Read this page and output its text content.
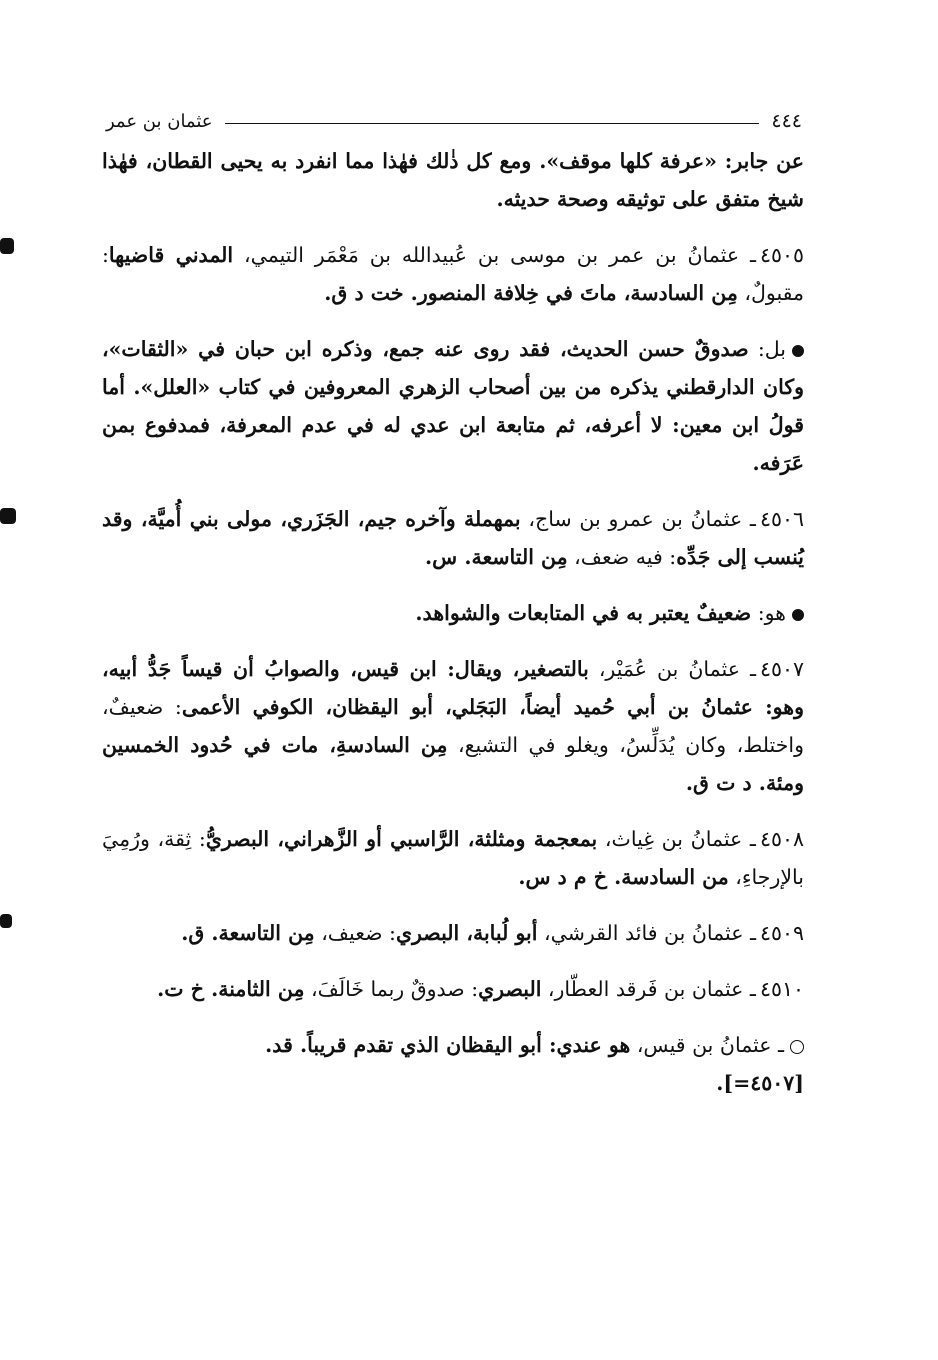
٤٤٤
عثمان بن عمر

عن جابر: «عرفة كلها موقف». ومع كل ذٰلك فهٰذا مما انفرد به يحيى القطان، فهٰذا شيخ متفق على توثيقه وصحة حديثه.

٤٥٠٥ـ عثمانُ بن عمر بن موسى بن عُبيدالله بن مَعْمَر التيمي، المدني قاضيها: مقبولٌ، مِن السادسة، ماتَ في خِلافة المنصور. خت د ق.

بل: صدوقٌ حسن الحديث، فقد روى عنه جمع، وذكره ابن حبان في «الثقات»، وكان الدارقطني يذكره من بين أصحاب الزهري المعروفين في كتاب «العلل». أما قولُ ابن معين: لا أعرفه، ثم متابعة ابن عدي له في عدم المعرفة، فمدفوع بمن عَرَفه.

٤٥٠٦ـ عثمانُ بن عمرو بن ساج، بمهملة وآخره جيم، الجَزَري، مولى بني أُميَّة، وقد يُنسب إلى جَدِّه: فيه ضعف، مِن التاسعة. س.

هو: ضعيفٌ يعتبر به في المتابعات والشواهد.

٤٥٠٧ـ عثمانُ بن عُمَيْر، بالتصغير، ويقال: ابن قيس، والصوابُ أن قيساً جَدُّ أبيه، وهو: عثمانُ بن أبي حُميد أيضاً، البَجَلي، أبو اليقظان، الكوفي الأعمى: ضعيفٌ، واختلط، وكان يُدَلِّسُ، ويغلو في التشيع، مِن السادسةِ، مات في حُدود الخمسين ومئة. د ت ق.

٤٥٠٨ـ عثمانُ بن غِياث، بمعجمة ومثلثة، الرَّاسبي أو الزَّهراني، البصريُّ: ثِقة، ورُمِيَ بالإرجاءِ، من السادسة. خ م د س.

٤٥٠٩ـ عثمانُ بن فائد القرشي، أبو لُبابة، البصري: ضعيف، مِن التاسعة. ق.

٤٥١٠ـ عثمان بن فَرقد العطّار، البصري: صدوقٌ ربما خَالَفَ، مِن الثامنة. خ ت.

ـ عثمانُ بن قيس، هو عندي: أبو اليقظان الذي تقدم قريباً. قد.

.[=٤٥٠٧]
